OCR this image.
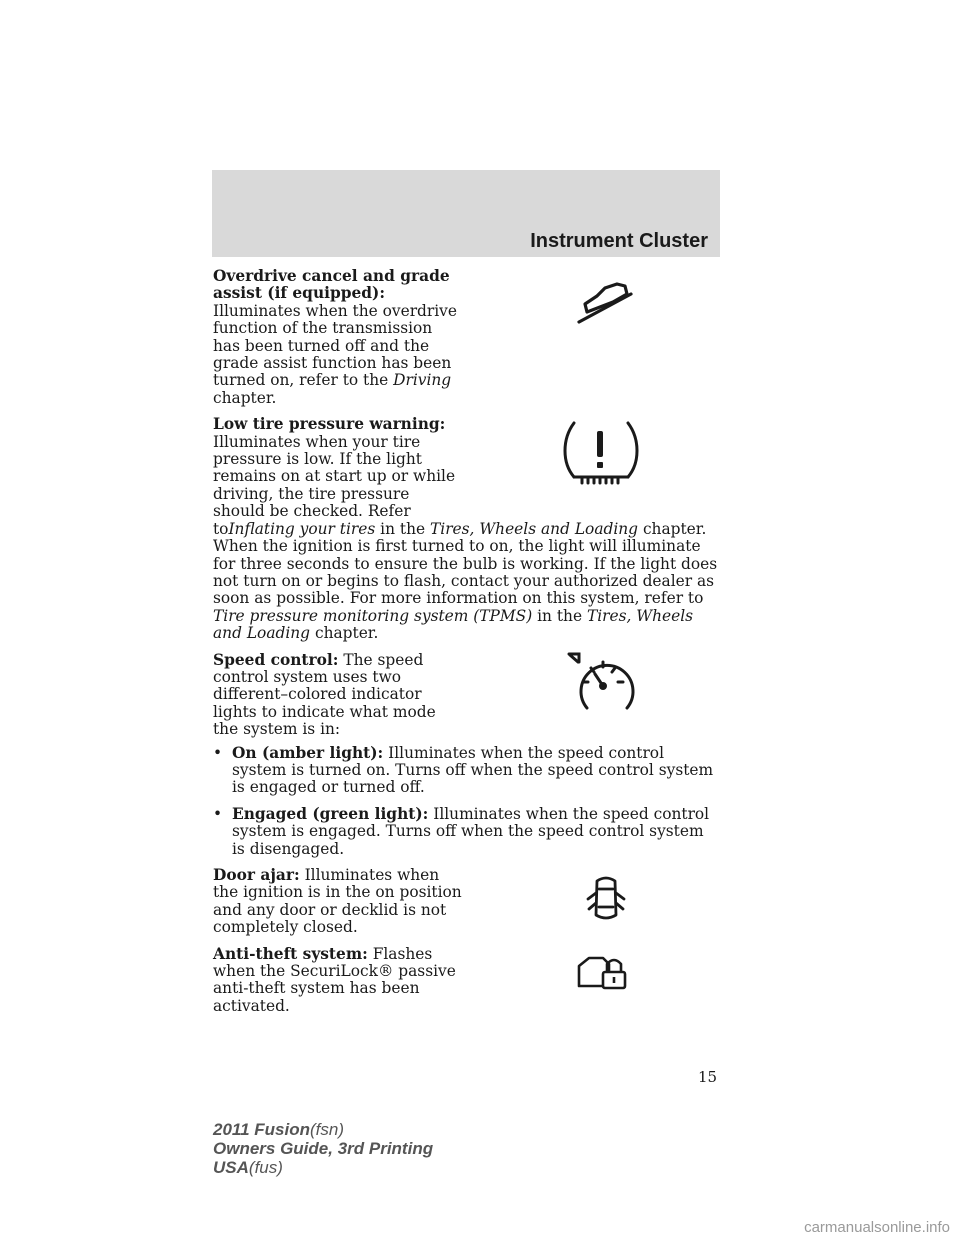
Instrument Cluster
Overdrive cancel and grade assist (if equipped): Illuminates when the overdrive function of the transmission has been turned off and the grade assist function has been turned on, refer to the Driving chapter.
Low tire pressure warning: Illuminates when your tire pressure is low. If the light remains on at start up or while driving, the tire pressure should be checked. Refer
toInflating your tires in the Tires, Wheels and Loading chapter. When the ignition is first turned to on, the light will illuminate for three seconds to ensure the bulb is working. If the light does not turn on or begins to flash, contact your authorized dealer as soon as possible. For more information on this system, refer to Tire pressure monitoring system (TPMS) in the Tires, Wheels and Loading chapter.
Speed control: The speed control system uses two different–colored indicator lights to indicate what mode the system is in:
• On (amber light): Illuminates when the speed control system is turned on. Turns off when the speed control system is engaged or turned off.
• Engaged (green light): Illuminates when the speed control system is engaged. Turns off when the speed control system is disengaged.
Door ajar: Illuminates when the ignition is in the on position and any door or decklid is not completely closed.
Anti-theft system: Flashes when the SecuriLock® passive anti-theft system has been activated.
15
2011 Fusion(fsn)
Owners Guide, 3rd Printing
USA(fus)
carmanualsonline.info
